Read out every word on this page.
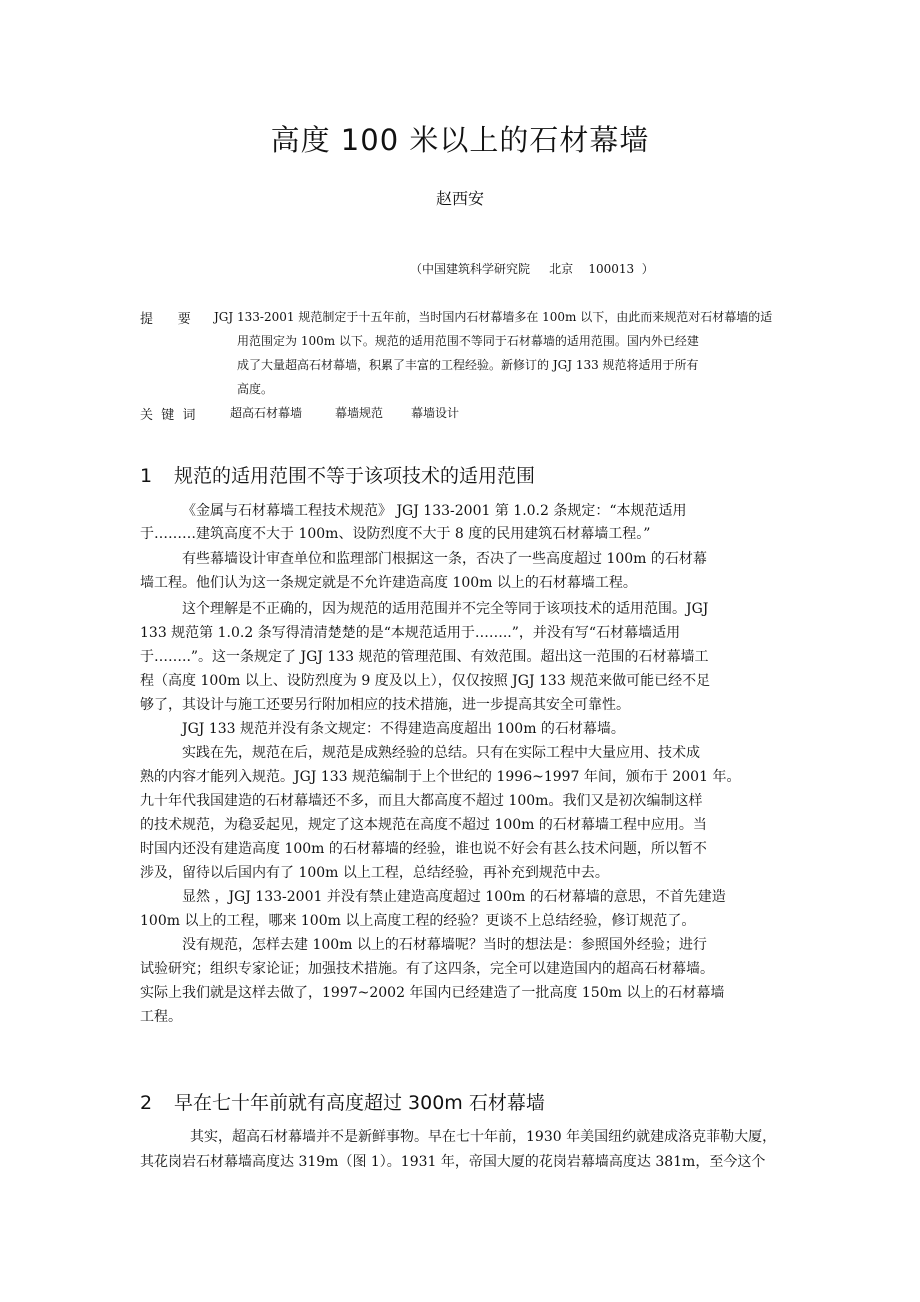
高度 100 米以上的石材幕墙
赵西安
（中国建筑科学研究院     北京    100013  ）
提      要 JGJ 133-2001 规范制定于十五年前，当时国内石材幕墙多在 100m 以下，由此而来规范对石材幕墙的适
用范围定为 100m 以下。规范的适用范围不等同于石材幕墙的适用范围。国内外已经建
成了大量超高石材幕墙，积累了丰富的工程经验。新修订的 JGJ 133 规范将适用于所有
高度。
关  键  词	超高石材幕墙	幕墙规范 幕墙设计
1 规范的适用范围不等于该项技术的适用范围
《金属与石材幕墙工程技术规范》 JGJ 133-2001 第 1.0.2 条规定：“本规范适用
于………建筑高度不大于 100m、设防烈度不大于 8 度的民用建筑石材幕墙工程。”
有些幕墙设计审查单位和监理部门根据这一条，否决了一些高度超过 100m 的石材幕
墙工程。他们认为这一条规定就是不允许建造高度 100m 以上的石材幕墙工程。
这个理解是不正确的，因为规范的适用范围并不完全等同于该项技术的适用范围。JGJ
133 规范第 1.0.2 条写得清清楚楚的是“本规范适用于……..”，并没有写“石材幕墙适用
于……..”。这一条规定了 JGJ 133 规范的管理范围、有效范围。超出这一范围的石材幕墙工
程（高度 100m 以上、设防烈度为 9 度及以上），仅仅按照 JGJ 133 规范来做可能已经不足
够了，其设计与施工还要另行附加相应的技术措施，进一步提高其安全可靠性。
JGJ 133 规范并没有条文规定：不得建造高度超出 100m 的石材幕墙。
实践在先，规范在后，规范是成熟经验的总结。只有在实际工程中大量应用、技术成
熟的内容才能列入规范。JGJ 133 规范编制于上个世纪的 1996~1997 年间，颁布于 2001 年。
九十年代我国建造的石材幕墙还不多，而且大都高度不超过 100m。我们又是初次编制这样
的技术规范，为稳妥起见，规定了这本规范在高度不超过 100m 的石材幕墙工程中应用。当
时国内还没有建造高度 100m 的石材幕墙的经验，谁也说不好会有甚么技术问题，所以暂不
涉及，留待以后国内有了 100m 以上工程，总结经验，再补充到规范中去。
显然 ，JGJ 133-2001 并没有禁止建造高度超过 100m 的石材幕墙的意思，不首先建造
100m 以上的工程，哪来 100m 以上高度工程的经验？更谈不上总结经验，修订规范了。
没有规范，怎样去建 100m 以上的石材幕墙呢？当时的想法是：参照国外经验；进行
试验研究；组织专家论证；加强技术措施。有了这四条，完全可以建造国内的超高石材幕墙。
实际上我们就是这样去做了，1997~2002 年国内已经建造了一批高度 150m 以上的石材幕墙
工程。
2 早在七十年前就有高度超过 300m 石材幕墙
其实，超高石材幕墙并不是新鲜事物。早在七十年前，1930 年美国纽约就建成洛克菲勒大厦，
其花岗岩石材幕墙高度达 319m（图 1）。1931 年，帝国大厦的花岗岩幕墙高度达 381m，至今这个
